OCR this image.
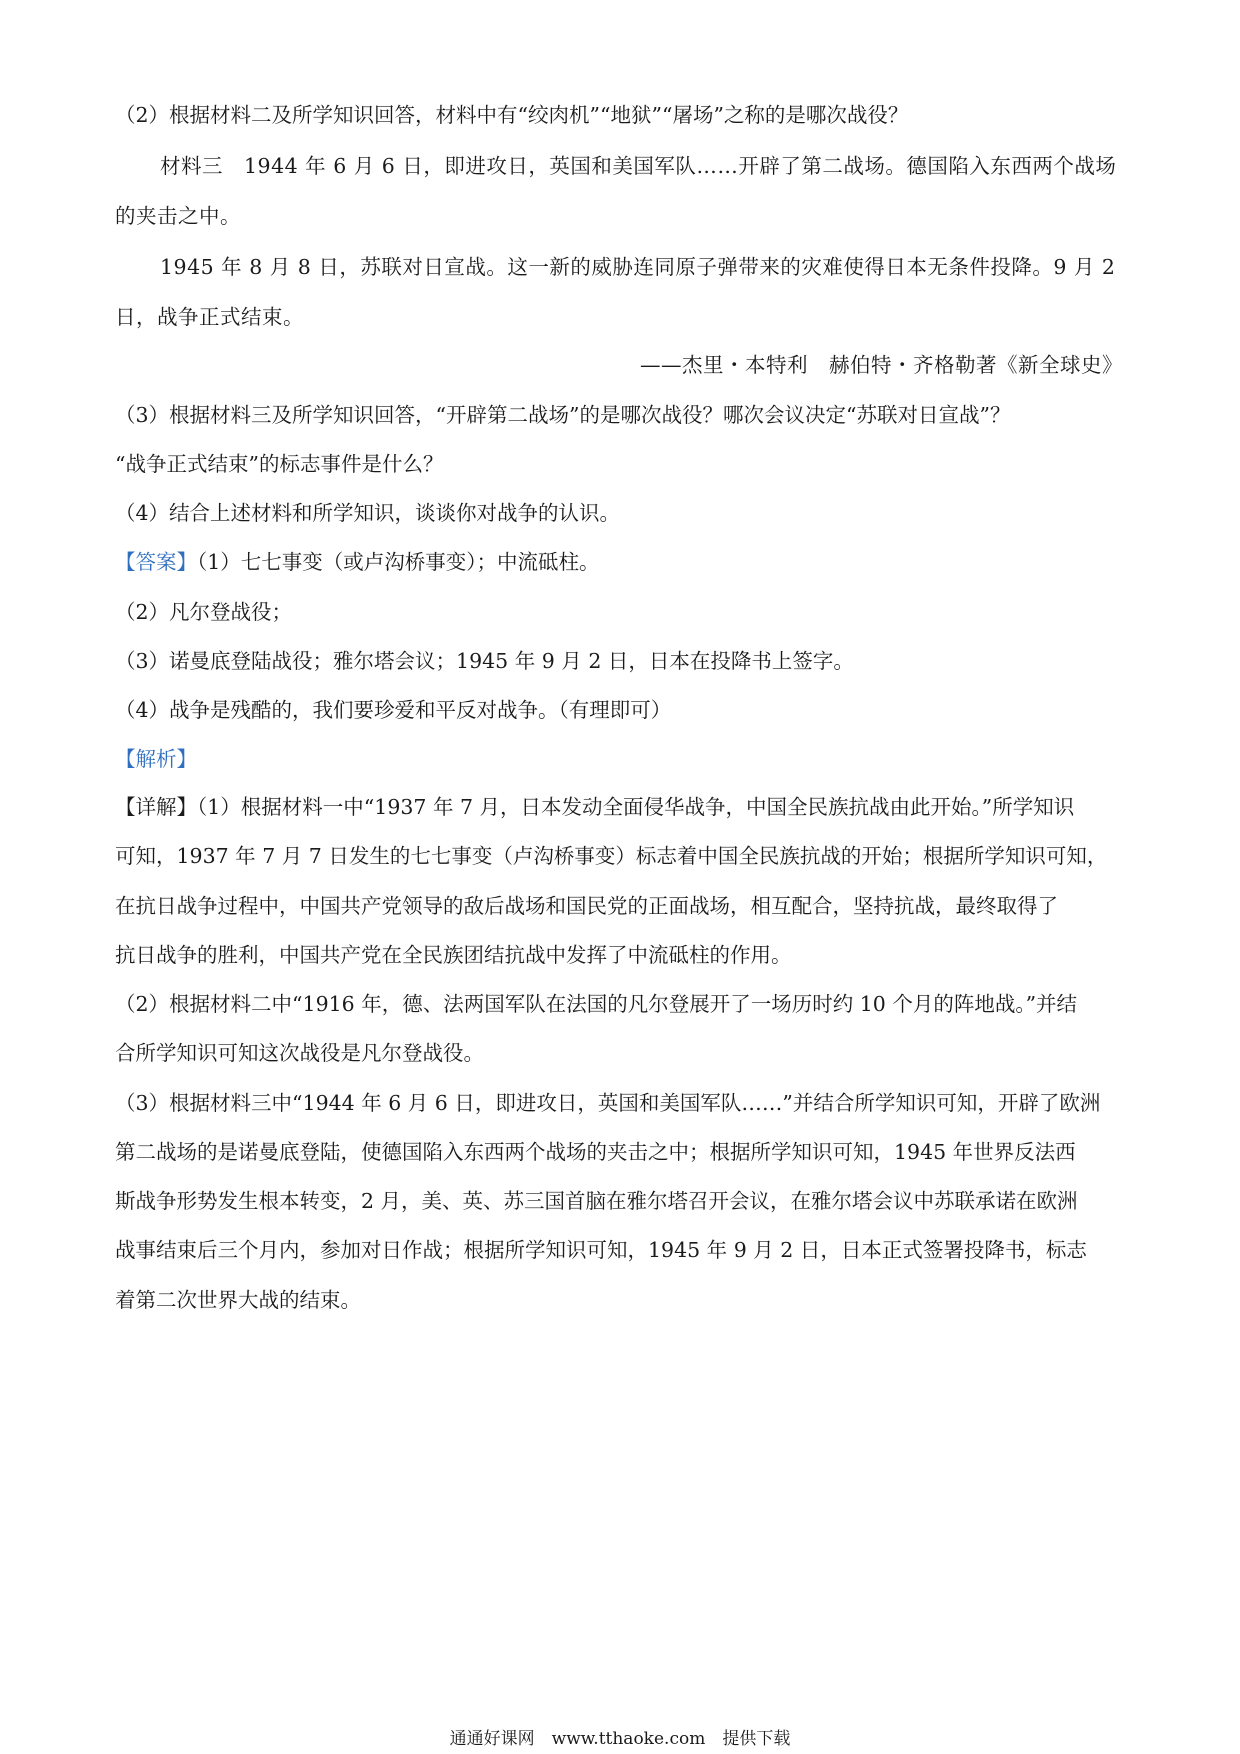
（2）根据材料二及所学知识回答，材料中有“绞肉机”“地狱”“屠场”之称的是哪次战役？
材料三　1944 年 6 月 6 日，即进攻日，英国和美国军队……开辟了第二战场。德国陷入东西两个战场
的夹击之中。
1945 年 8 月 8 日，苏联对日宣战。这一新的威胁连同原子弹带来的灾难使得日本无条件投降。9 月 2
日，战争正式结束。
——杰里・本特利　赫伯特・齐格勒著《新全球史》
（3）根据材料三及所学知识回答，“开辟第二战场”的是哪次战役？哪次会议决定“苏联对日宣战”？
“战争正式结束”的标志事件是什么？
（4）结合上述材料和所学知识，谈谈你对战争的认识。
【答案】（1）七七事变（或卢沟桥事变）；中流砥柱。
（2）凡尔登战役；
（3）诺曼底登陆战役；雅尔塔会议；1945 年 9 月 2 日，日本在投降书上签字。
（4）战争是残酷的，我们要珍爱和平反对战争。（有理即可）
【解析】
【详解】（1）根据材料一中“1937 年 7 月，日本发动全面侵华战争，中国全民族抗战由此开始。”所学知识
可知，1937 年 7 月 7 日发生的七七事变（卢沟桥事变）标志着中国全民族抗战的开始；根据所学知识可知，
在抗日战争过程中，中国共产党领导的敌后战场和国民党的正面战场，相互配合，坚持抗战，最终取得了
抗日战争的胜利，中国共产党在全民族团结抗战中发挥了中流砥柱的作用。
（2）根据材料二中“1916 年，德、法两国军队在法国的凡尔登展开了一场历时约 10 个月的阵地战。”并结
合所学知识可知这次战役是凡尔登战役。
（3）根据材料三中“1944 年 6 月 6 日，即进攻日，英国和美国军队……”并结合所学知识可知，开辟了欧洲
第二战场的是诺曼底登陆，使德国陷入东西两个战场的夹击之中；根据所学知识可知，1945 年世界反法西
斯战争形势发生根本转变，2 月，美、英、苏三国首脑在雅尔塔召开会议，在雅尔塔会议中苏联承诺在欧洲
战事结束后三个月内，参加对日作战；根据所学知识可知，1945 年 9 月 2 日，日本正式签署投降书，标志
着第二次世界大战的结束。
通通好课网　www.tthaoke.com　提供下载
